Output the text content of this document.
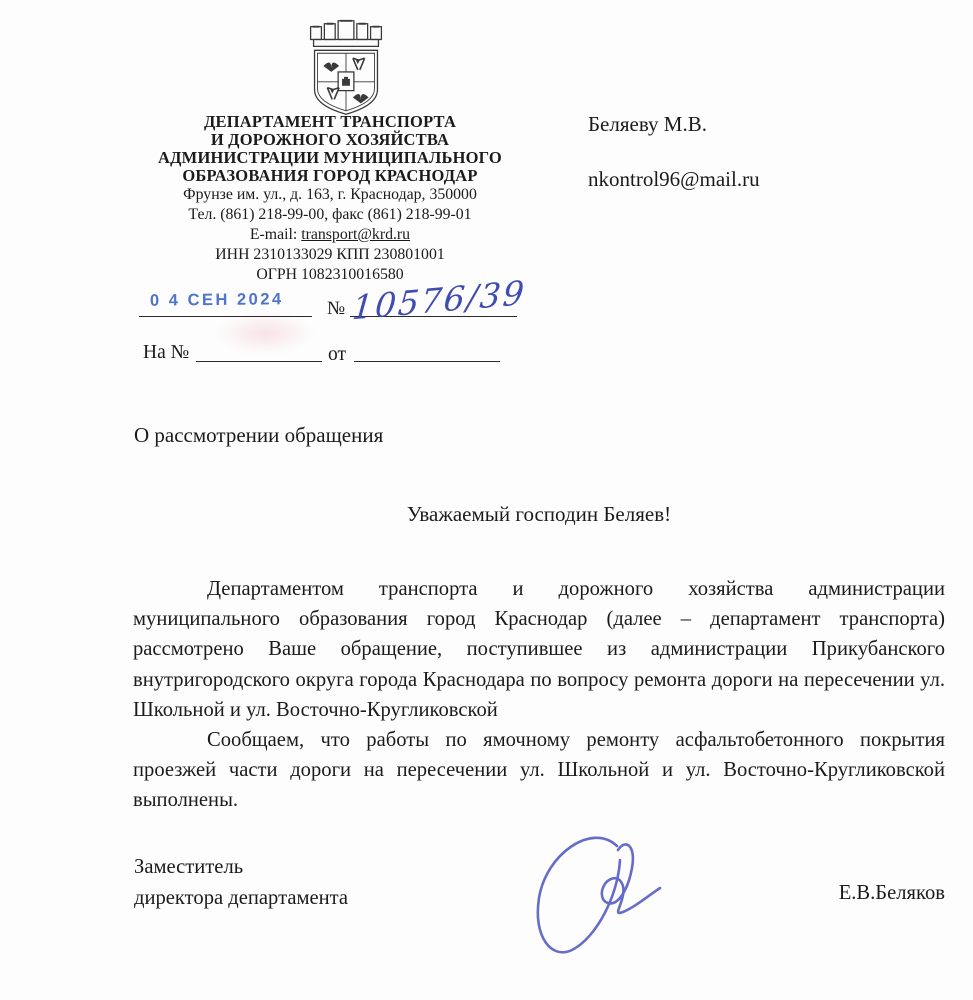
ДЕПАРТАМЕНТ ТРАНСПОРТА
И ДОРОЖНОГО ХОЗЯЙСТВА
АДМИНИСТРАЦИИ МУНИЦИПАЛЬНОГО
ОБРАЗОВАНИЯ ГОРОД КРАСНОДАР
Фрунзе им. ул., д. 163, г. Краснодар, 350000
Тел. (861) 218-99-00, факс (861) 218-99-01
E-mail: transport@krd.ru
ИНН 2310133029 КПП 230801001
ОГРН 1082310016580
0 4 СЕН 2024 № 10576/39
На №	от
Беляеву М.В.
nkontrol96@mail.ru
О рассмотрении обращения
Уважаемый господин Беляев!

Департаментом транспорта и дорожного хозяйства администрации муниципального образования город Краснодар (далее – департамент транспорта) рассмотрено Ваше обращение, поступившее из администрации Прикубанского внутригородского округа города Краснодара по вопросу ремонта дороги на пересечении ул. Школьной и ул. Восточно-Кругликовской

Сообщаем, что работы по ямочному ремонту асфальтобетонного покрытия проезжей части дороги на пересечении ул. Школьной и ул. Восточно-Кругликовской выполнены.

Заместитель
директора департамента	Е.В.Беляков
